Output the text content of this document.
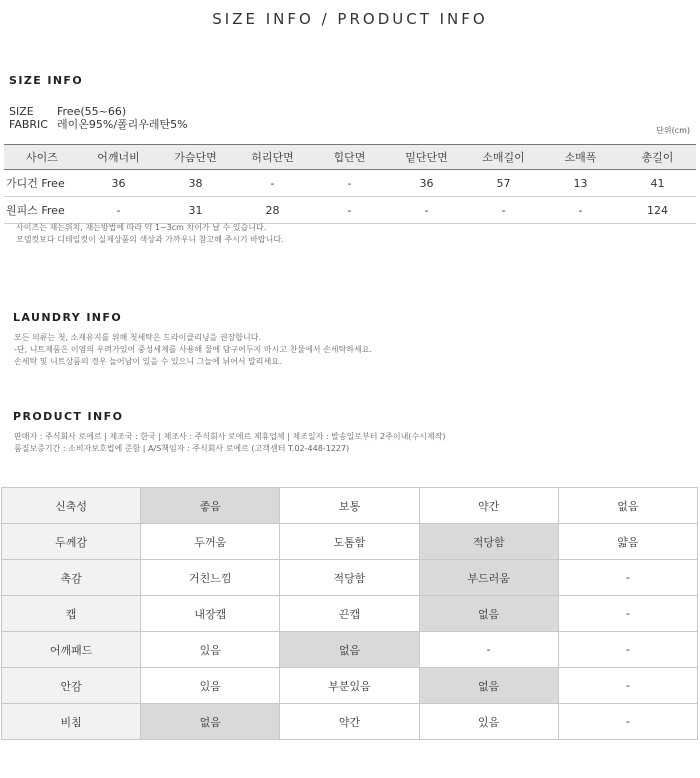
SIZE INFO / PRODUCT INFO
SIZE INFO
SIZE Free(55~66)
FABRIC 레이온95%/폴리우레탄5%	단위(cm)
사이즈	어깨너비	가슴단면	허리단면	힙단면	밑단단면	소매길이	소매폭	총길이
가디건 Free	36	38	-	-	36	57	13	41
원피스 Free	-	31	28	-	-	-	-	124
사이즈는 재는위치, 재는방법에 따라 약 1~3cm 차이가 날 수 있습니다.
모델컷보다 디테일컷이 실제상품의 색상과 가까우니 참고해 주시기 바랍니다.
LAUNDRY INFO
모든 의류는 첫, 소재유지를 위해 첫세탁은 드라이클리닝을 권장합니다.
-단, 니트제품은 이염의 우려가있어 중성세제를 사용해 물에 담구어두지 마시고 찬물에서 손세탁하세요.
손세탁 및 니트상품의 경우 늘어남이 있을 수 있으니 그늘에 뉘어서 말리세요.
PRODUCT INFO
판매자 : 주식회사 로에르 | 제조국 : 한국 | 제조사 : 주식회사 로에르 제휴업체 | 제조일자 : 발송일로부터 2주이내(수시제작)
품질보증기간 : 소비자보호법에 준함 | A/S책임자 : 주식회사 로에르 (고객센터 T.02-448-1227)
신축성	좋음	보통	약간	없음
두께감	두꺼움	도톰함	적당함	얇음
촉감	거친느낌	적당함	부드러움	-
캡	내장캡	끈캡	없음	-
어깨패드	있음	없음	-	-
안감	있음	부분있음	없음	-
비침	없음	약간	있음	-
